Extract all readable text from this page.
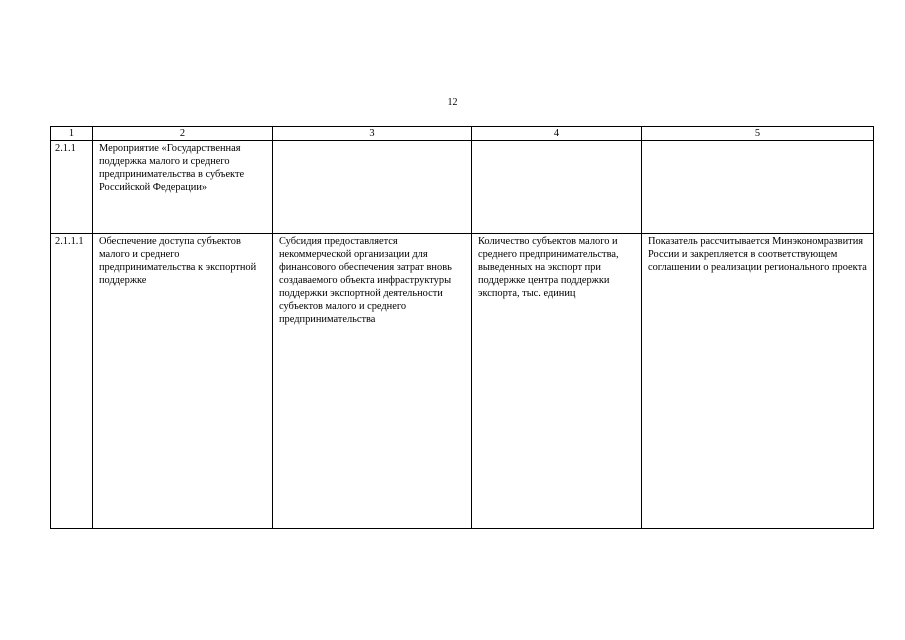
12
1	2	3	4	5
2.1.1	Мероприятие «Государственная поддержка малого и среднего предпринимательства в субъекте Российской Федерации»			
2.1.1.1	Обеспечение доступа субъектов малого и среднего предпринимательства к экспортной поддержке	Субсидия предоставляется некоммерческой организации для финансового обеспечения затрат вновь создаваемого объекта инфраструктуры поддержки экспортной деятельности субъектов малого и среднего предпринимательства	Количество субъектов малого и среднего предпринимательства, выведенных на экспорт при поддержке центра поддержки экспорта, тыс. единиц	Показатель рассчитывается Минэкономразвития России и закрепляется в соответствующем соглашении о реализации регионального проекта
